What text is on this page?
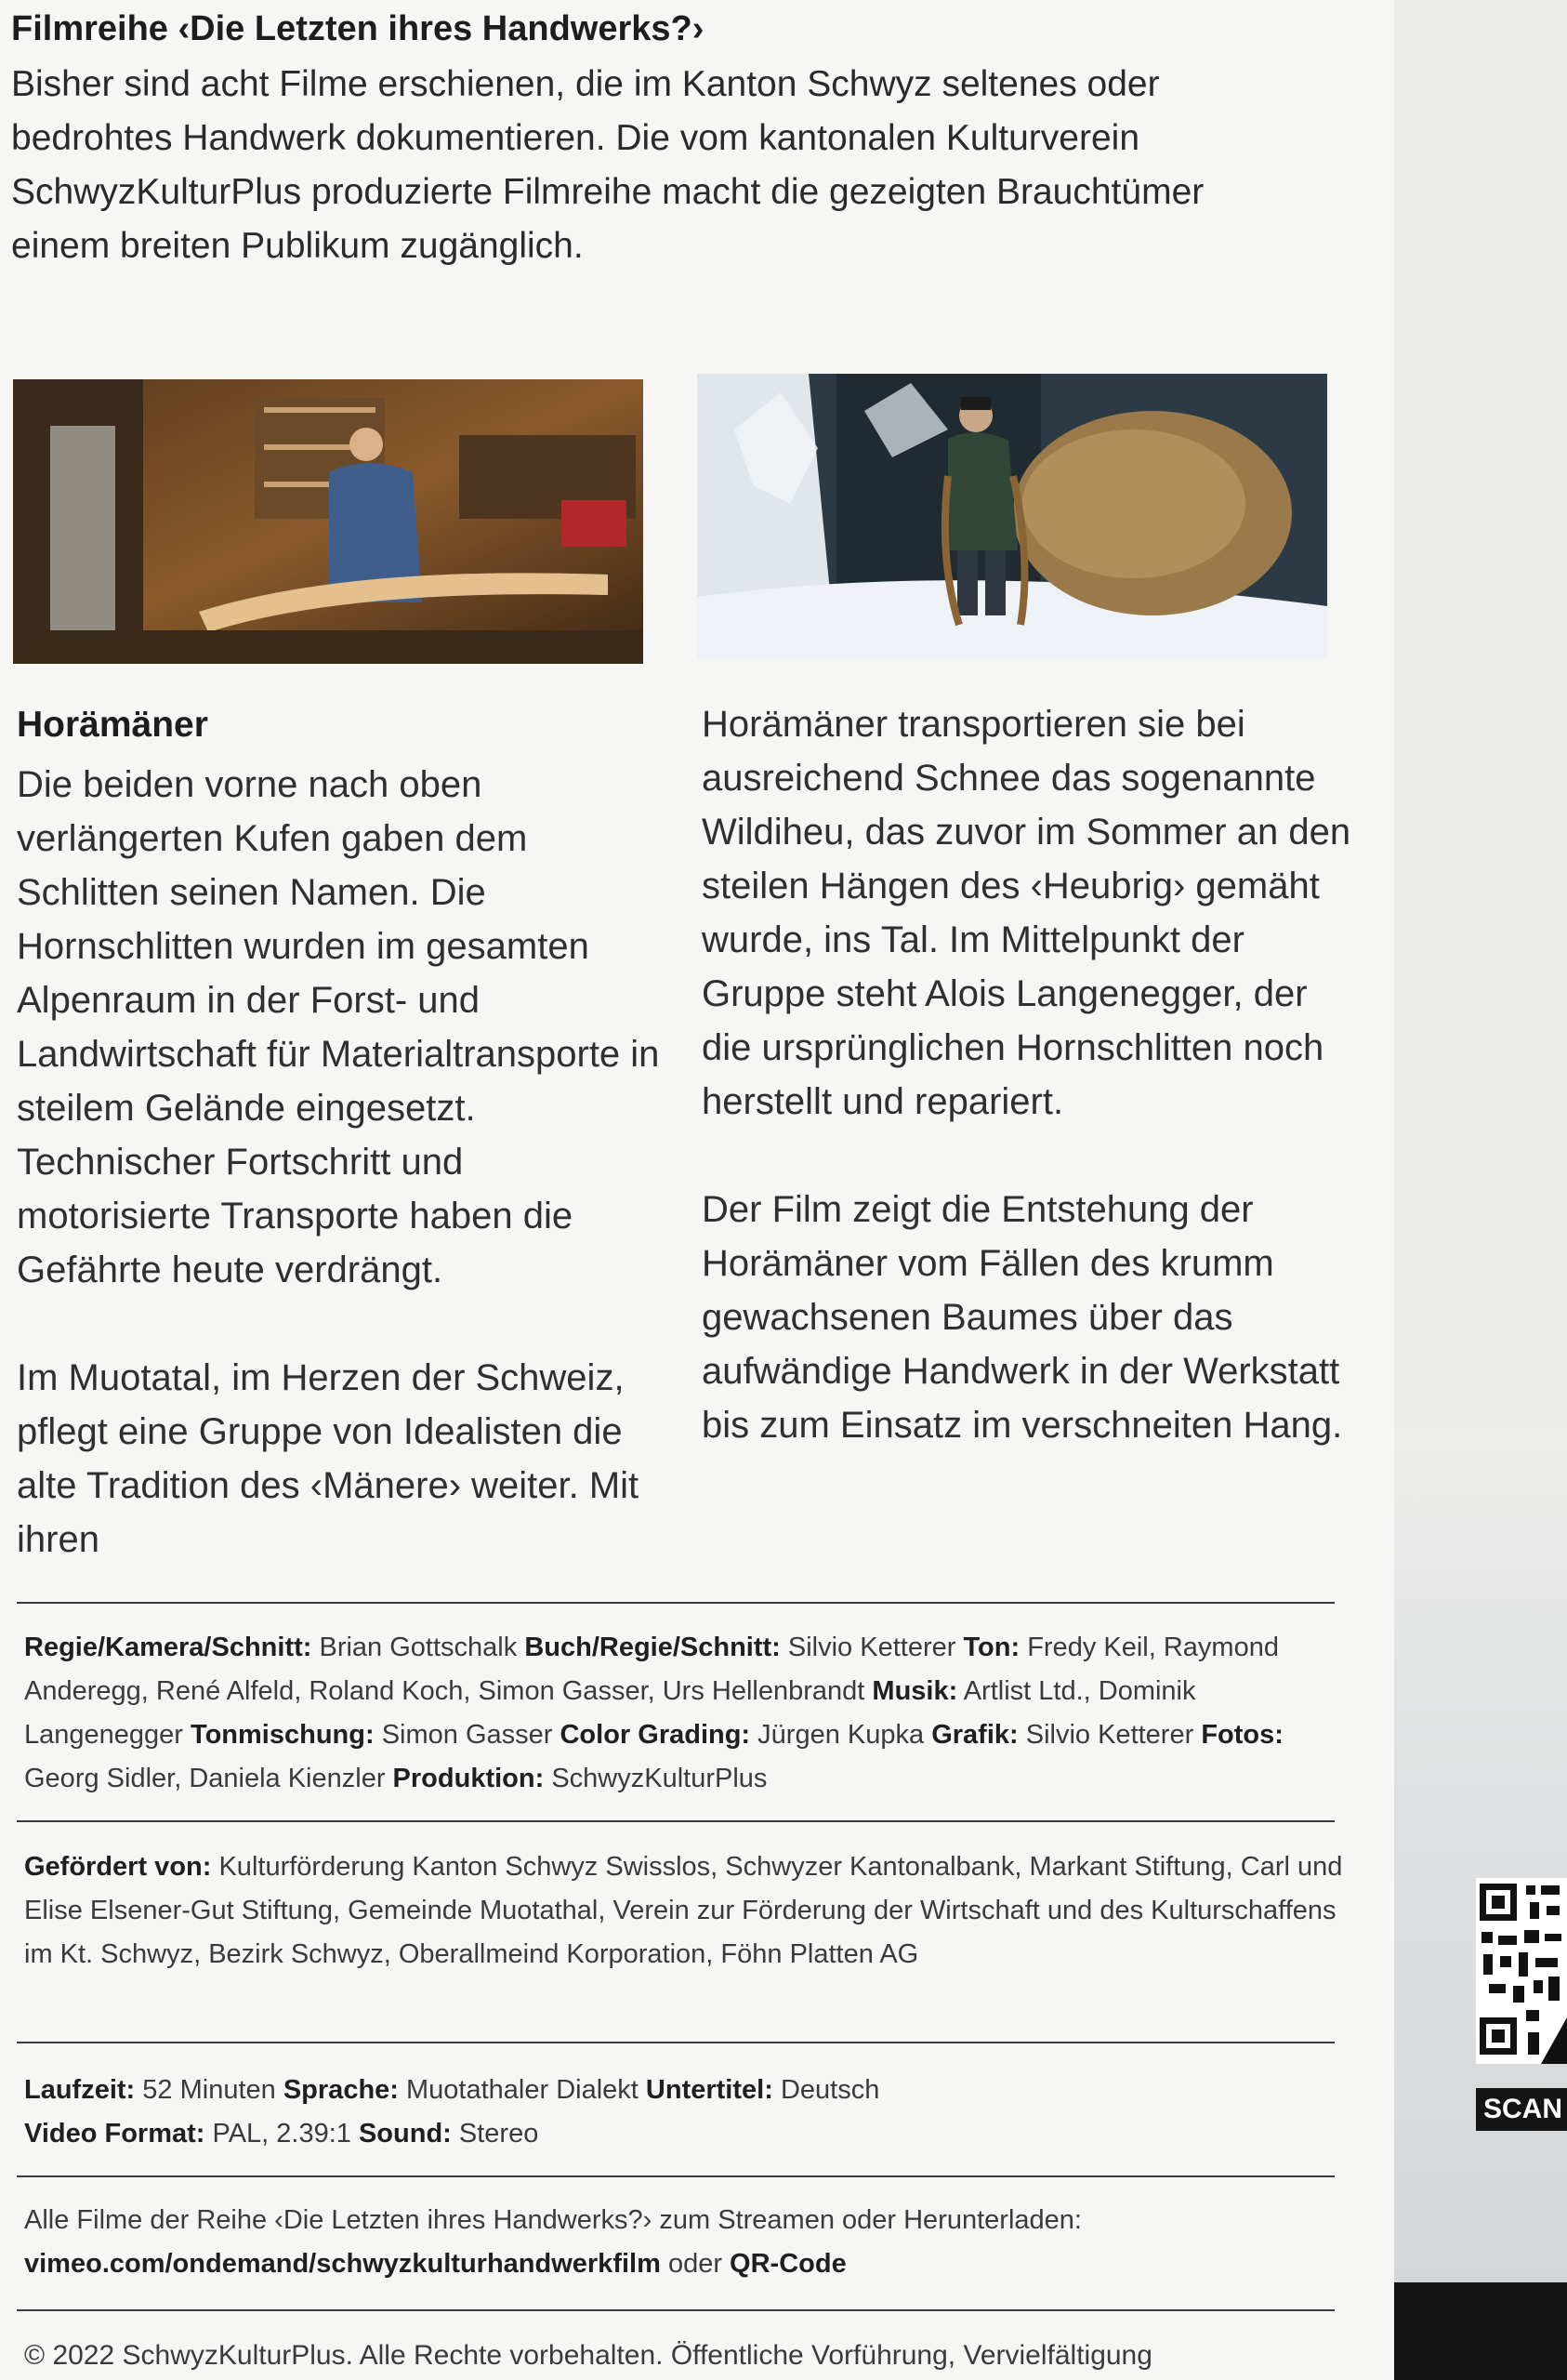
SCAN
Filmreihe ‹Die Letzten ihres Handwerks?›
Bisher sind acht Filme erschienen, die im Kanton Schwyz seltenes oder bedrohtes Handwerk dokumentieren. Die vom kantonalen Kulturverein SchwyzKulturPlus produzierte Filmreihe macht die gezeigten Brauchtümer einem breiten Publikum zugänglich.
Horämäner

Die beiden vorne nach oben verlängerten Kufen gaben dem Schlitten seinen Namen. Die Hornschlitten wurden im gesamten Alpenraum in der Forst- und Landwirtschaft für Materialtransporte in steilem Gelände eingesetzt. Technischer Fortschritt und motorisierte Transporte haben die Gefährte heute verdrängt.

Im Muotatal, im Herzen der Schweiz, pflegt eine Gruppe von Idealisten die alte Tradition des ‹Mänere› weiter. Mit ihren

Horämäner transportieren sie bei ausreichend Schnee das sogenannte Wildiheu, das zuvor im Sommer an den steilen Hängen des ‹Heubrig› gemäht wurde, ins Tal. Im Mittelpunkt der Gruppe steht Alois Langenegger, der die ursprünglichen Hornschlitten noch herstellt und repariert.

Der Film zeigt die Entstehung der Horämäner vom Fällen des krumm gewachsenen Baumes über das aufwändige Handwerk in der Werkstatt bis zum Einsatz im verschneiten Hang.

Regie/Kamera/Schnitt: Brian Gottschalk Buch/Regie/Schnitt: Silvio Ketterer Ton: Fredy Keil, Raymond Anderegg, René Alfeld, Roland Koch, Simon Gasser, Urs Hellenbrandt Musik: Artlist Ltd., Dominik Langenegger Tonmischung: Simon Gasser Color Grading: Jürgen Kupka Grafik: Silvio Ketterer Fotos: Georg Sidler, Daniela Kienzler Produktion: SchwyzKulturPlus
Gefördert von: Kulturförderung Kanton Schwyz Swisslos, Schwyzer Kantonalbank, Markant Stiftung, Carl und Elise Elsener-Gut Stiftung, Gemeinde Muotathal, Verein zur Förderung der Wirtschaft und des Kulturschaffens im Kt. Schwyz, Bezirk Schwyz, Oberallmeind Korporation, Föhn Platten AG
Laufzeit: 52 Minuten Sprache: Muotathaler Dialekt Untertitel: Deutsch
Video Format: PAL, 2.39:1 Sound: Stereo
Alle Filme der Reihe ‹Die Letzten ihres Handwerks?› zum Streamen oder Herunterladen:
vimeo.com/ondemand/schwyzkulturhandwerkfilm oder QR-Code
© 2022 SchwyzKulturPlus. Alle Rechte vorbehalten. Öffentliche Vorführung, Vervielfältigung
